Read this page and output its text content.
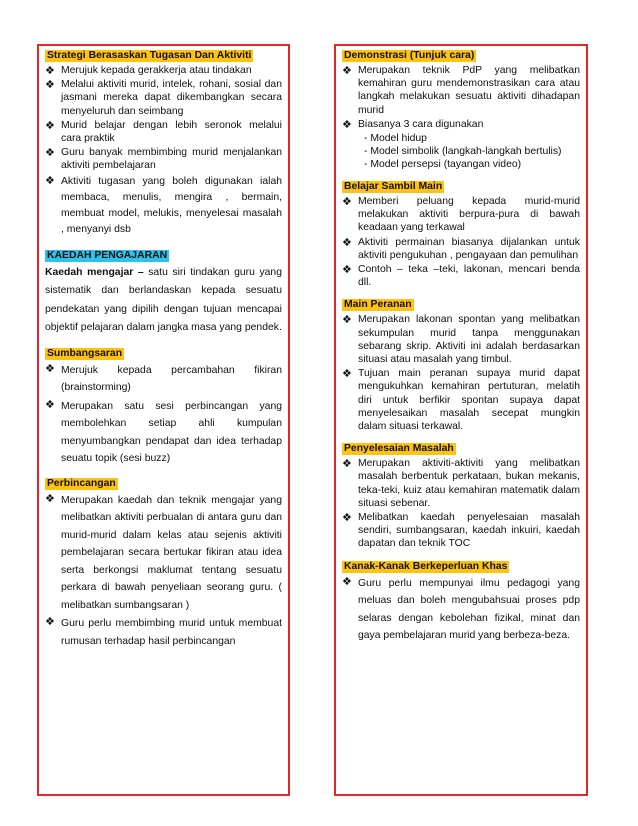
Strategi Berasaskan Tugasan Dan Aktiviti
❖ Merujuk kepada gerakkerja atau tindakan
❖ Melalui aktiviti murid, intelek, rohani, sosial dan jasmani mereka dapat dikembangkan secara menyeluruh dan seimbang
❖ Murid belajar dengan lebih seronok melalui cara praktik
❖ Guru banyak membimbing murid menjalankan aktiviti pembelajaran
❖ Aktiviti tugasan yang boleh digunakan ialah membaca, menulis, mengira , bermain, membuat model, melukis, menyelesai masalah , menyanyi dsb
KAEDAH PENGAJARAN

Kaedah mengajar – satu siri tindakan guru yang sistematik dan berlandaskan kepada sesuatu pendekatan yang dipilih dengan tujuan mencapai objektif pelajaran dalam jangka masa yang pendek.

Sumbangsaran
❖ Merujuk kepada percambahan fikiran (brainstorming)
❖ Merupakan satu sesi perbincangan yang membolehkan setiap ahli kumpulan menyumbangkan pendapat dan idea terhadap seuatu topik (sesi buzz)
Perbincangan
❖ Merupakan kaedah dan teknik mengajar yang melibatkan aktiviti perbualan di antara guru dan murid-murid dalam kelas atau sejenis aktiviti pembelajaran secara bertukar fikiran atau idea serta berkongsi maklumat tentang sesuatu perkara di bawah penyeliaan seorang guru. ( melibatkan sumbangsaran )
❖ Guru perlu membimbing murid untuk membuat rumusan terhadap hasil perbincangan
Demonstrasi (Tunjuk cara)
❖ Merupakan teknik PdP yang melibatkan kemahiran guru mendemonstrasikan cara atau langkah melakukan sesuatu aktiviti dihadapan murid
❖ Biasanya 3 cara digunakan
- Model hidup
- Model simbolik (langkah-langkah bertulis)
- Model persepsi (tayangan video)
Belajar Sambil Main
❖ Memberi peluang kepada murid-murid melakukan aktiviti berpura-pura di bawah keadaan yang terkawal
❖ Aktiviti permainan biasanya dijalankan untuk aktiviti pengukuhan , pengayaan dan pemulihan
❖ Contoh – teka –teki, lakonan, mencari benda dll.
Main Peranan
❖ Merupakan lakonan spontan yang melibatkan sekumpulan murid tanpa menggunakan sebarang skrip. Aktiviti ini adalah berdasarkan situasi atau masalah yang timbul.
❖ Tujuan main peranan supaya murid dapat mengukuhkan kemahiran pertuturan, melatih diri untuk berfikir spontan supaya dapat menyelesaikan masalah secepat mungkin dalam situasi terkawal.
Penyelesaian Masalah
❖ Merupakan aktiviti-aktiviti yang melibatkan masalah berbentuk perkataan, bukan mekanis, teka-teki, kuiz atau kemahiran matematik dalam situasi sebenar.
❖ Melibatkan kaedah penyelesaian masalah sendiri, sumbangsaran, kaedah inkuiri, kaedah dapatan dan teknik TOC
Kanak-Kanak Berkeperluan Khas
❖ Guru perlu mempunyai ilmu pedagogi yang meluas dan boleh mengubahsuai proses pdp selaras dengan kebolehan fizikal, minat dan gaya pembelajaran murid yang berbeza-beza.
